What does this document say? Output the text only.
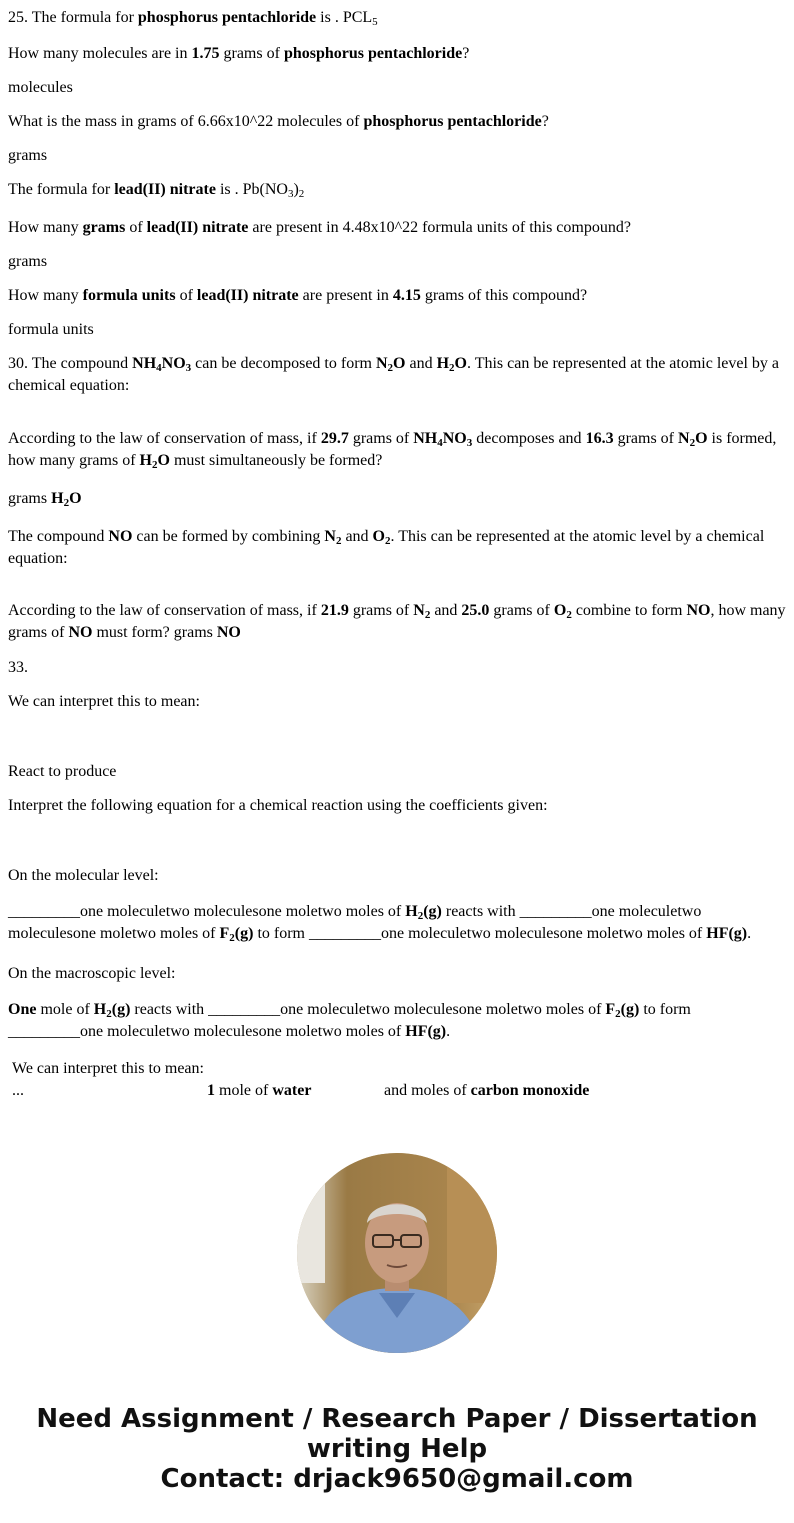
25. The formula for phosphorus pentachloride is . $PCL_5$

How many molecules are in 1.75 grams of phosphorus pentachloride?

molecules

What is the mass in grams of 6.66x10^22 molecules of phosphorus pentachloride?

grams

The formula for lead(II) nitrate is . $Pb(NO_3)_2$

How many grams of lead(II) nitrate are present in 4.48x10^22 formula units of this compound?

grams

How many formula units of lead(II) nitrate are present in 4.15 grams of this compound?

formula units

30. The compound $NH_4NO_3$ can be decomposed to form $N_2O$ and $H_2O$. This can be represented at the atomic level by a chemical equation:

According to the law of conservation of mass, if 29.7 grams of $NH_4NO_3$ decomposes and 16.3 grams of $N_2O$ is formed, how many grams of $H_2O$ must simultaneously be formed?

grams $H_2O$

The compound NO can be formed by combining $N_2$ and $O_2$. This can be represented at the atomic level by a chemical equation:

According to the law of conservation of mass, if 21.9 grams of $N_2$ and 25.0 grams of $O_2$ combine to form NO, how many grams of NO must form? grams NO

33.

We can interpret this to mean:

React to produce

Interpret the following equation for a chemical reaction using the coefficients given:

On the molecular level:

_________one moleculetwo moleculesone moletwo moles of $H_2(g)$ reacts with _________one moleculetwo moleculesone moletwo moles of $F_2(g)$ to form _________one moleculetwo moleculesone moletwo moles of HF(g).

On the macroscopic level:

One mole of $H_2(g)$ reacts with _________one moleculetwo moleculesone moletwo moles of $F_2(g)$ to form _________one moleculetwo moleculesone moletwo moles of HF(g).

We can interpret this to mean:
...	1 mole of water	and moles of carbon monoxide
Need Assignment / Research Paper / Dissertation
writing Help
Contact: drjack9650@gmail.com
